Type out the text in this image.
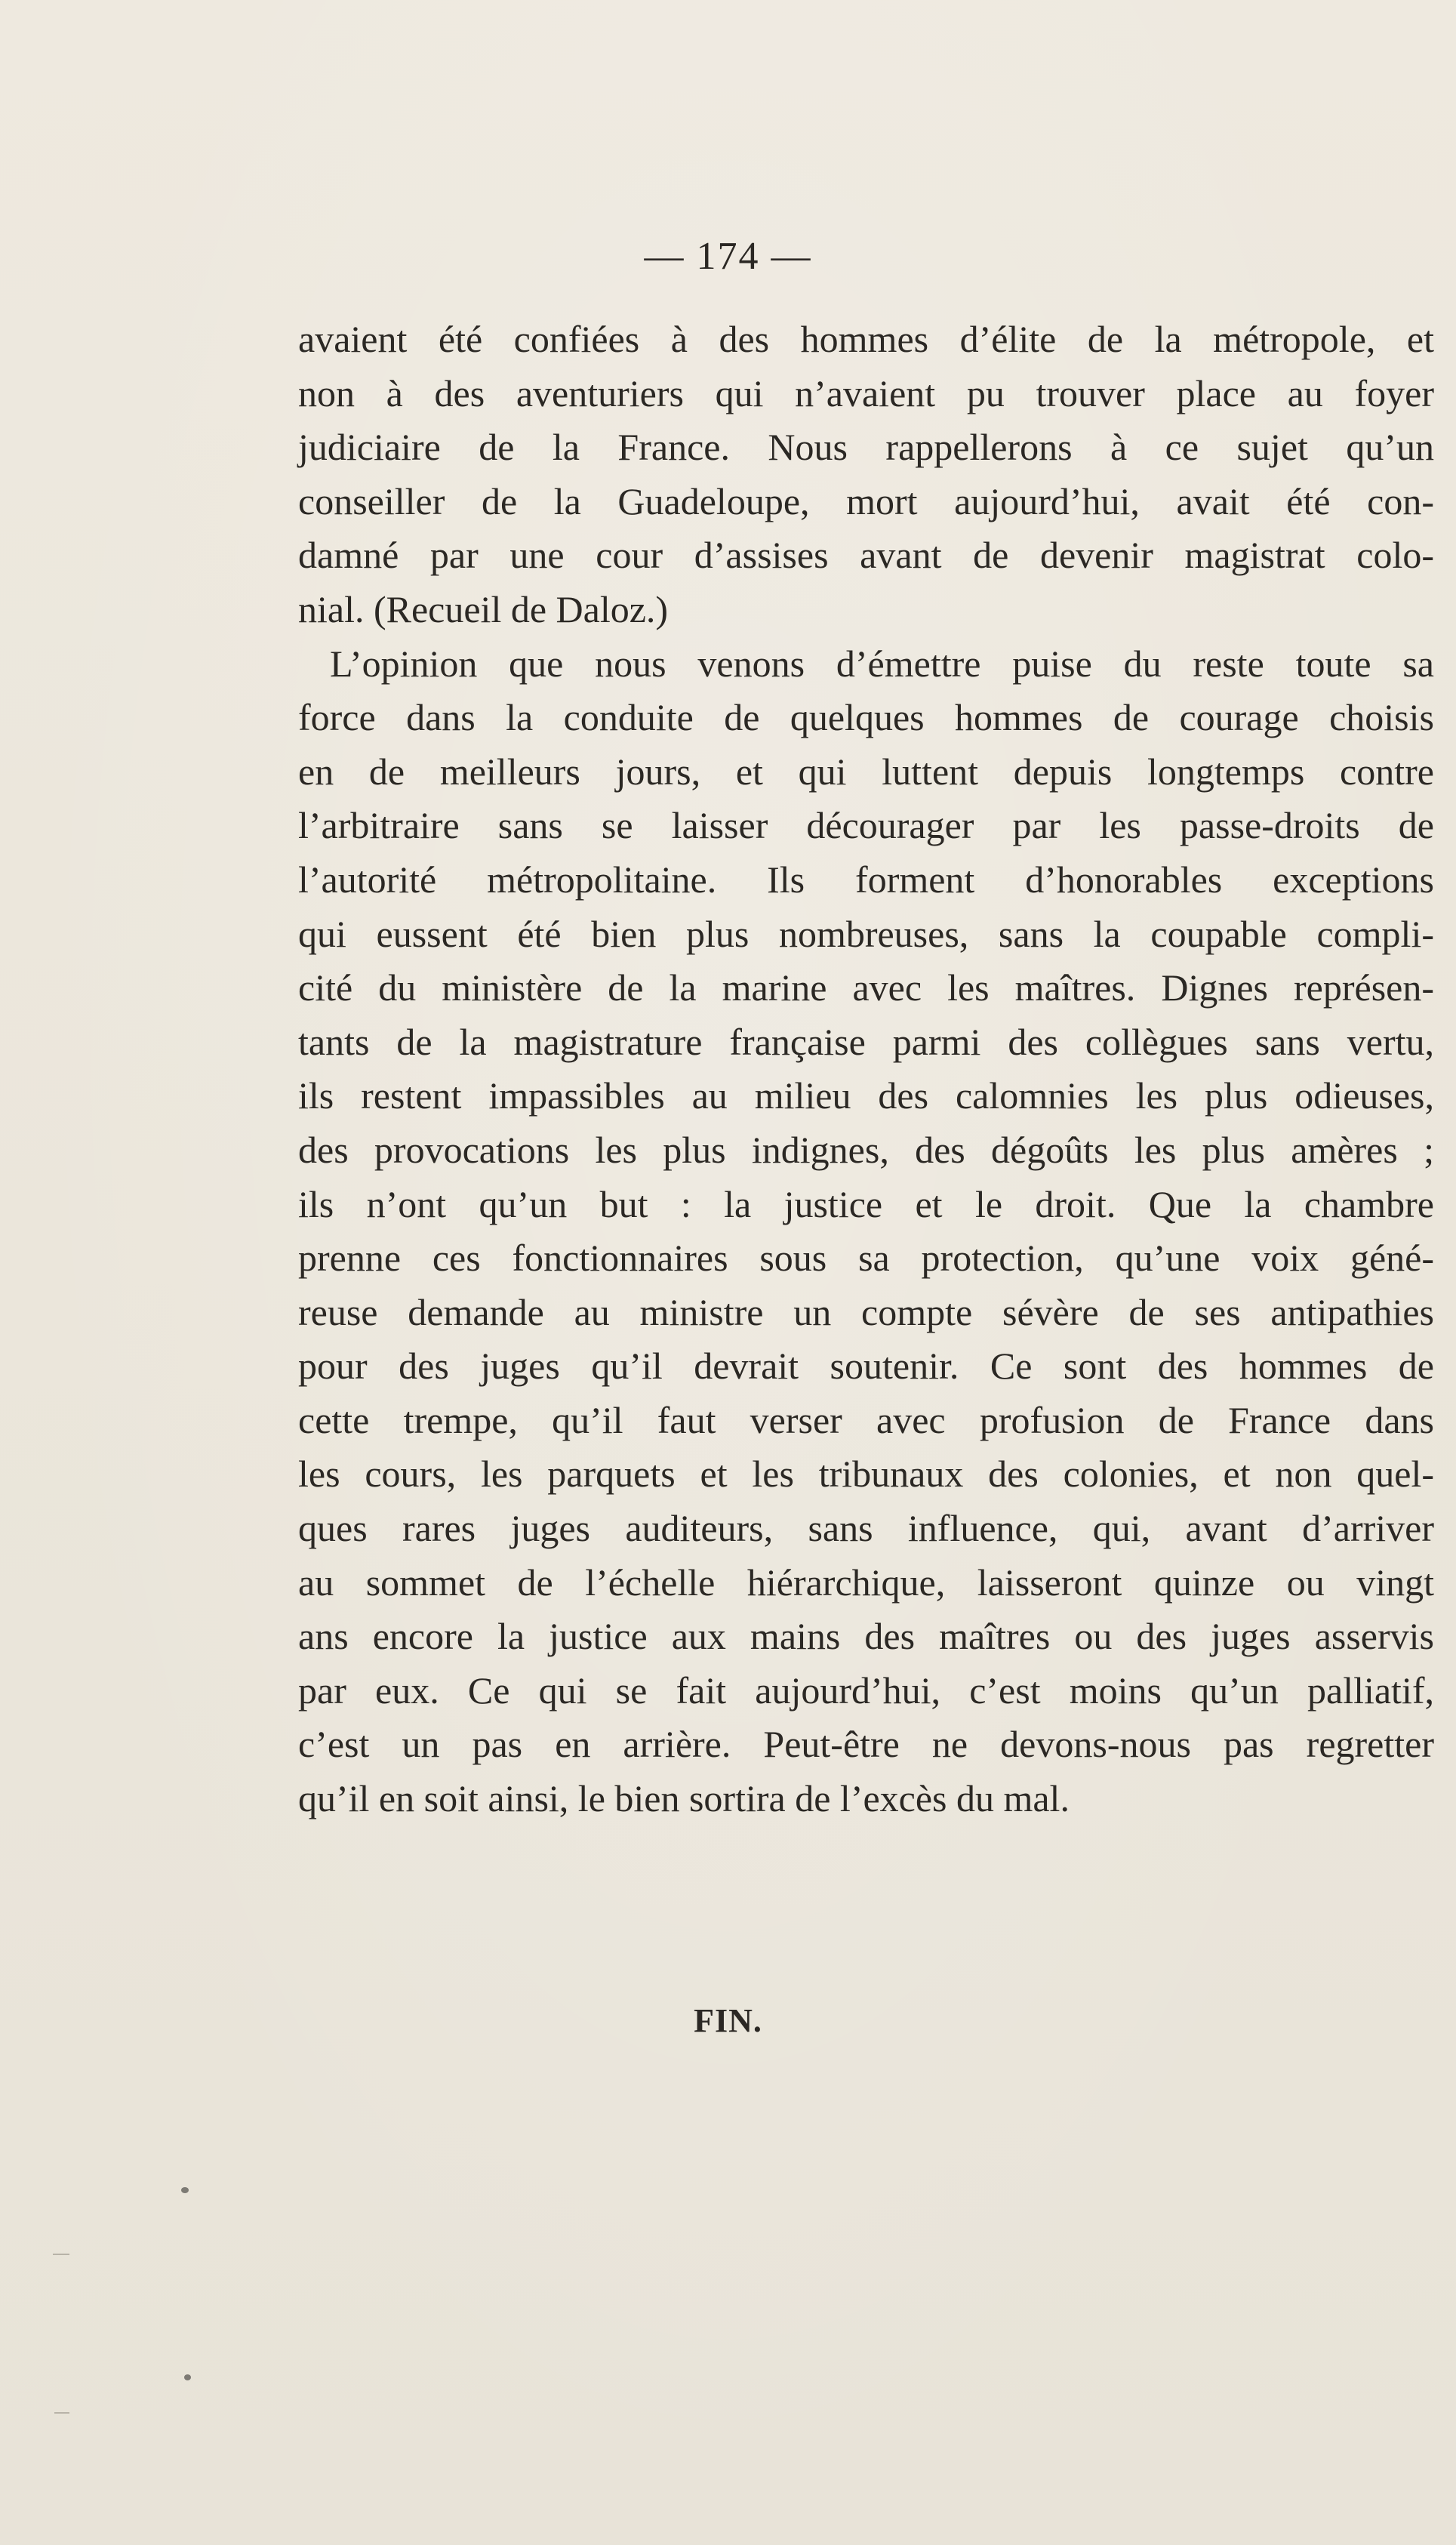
— 174 —
avaient été confiées à des hommes d’élite de la métropole, et
non à des aventuriers qui n’avaient pu trouver place au foyer
judiciaire de la France. Nous rappellerons à ce sujet qu’un
conseiller de la Guadeloupe, mort aujourd’hui, avait été con-
damné par une cour d’assises avant de devenir magistrat colo-
nial. (Recueil de Daloz.)
L’opinion que nous venons d’émettre puise du reste toute sa
force dans la conduite de quelques hommes de courage choisis
en de meilleurs jours, et qui luttent depuis longtemps contre
l’arbitraire sans se laisser décourager par les passe-droits de
l’autorité métropolitaine. Ils forment d’honorables exceptions
qui eussent été bien plus nombreuses, sans la coupable compli-
cité du ministère de la marine avec les maîtres. Dignes représen-
tants de la magistrature française parmi des collègues sans vertu,
ils restent impassibles au milieu des calomnies les plus odieuses,
des provocations les plus indignes, des dégoûts les plus amères ;
ils n’ont qu’un but : la justice et le droit. Que la chambre
prenne ces fonctionnaires sous sa protection, qu’une voix géné-
reuse demande au ministre un compte sévère de ses antipathies
pour des juges qu’il devrait soutenir. Ce sont des hommes de
cette trempe, qu’il faut verser avec profusion de France dans
les cours, les parquets et les tribunaux des colonies, et non quel-
ques rares juges auditeurs, sans influence, qui, avant d’arriver
au sommet de l’échelle hiérarchique, laisseront quinze ou vingt
ans encore la justice aux mains des maîtres ou des juges asservis
par eux. Ce qui se fait aujourd’hui, c’est moins qu’un palliatif,
c’est un pas en arrière. Peut-être ne devons-nous pas regretter
qu’il en soit ainsi, le bien sortira de l’excès du mal.
FIN.
